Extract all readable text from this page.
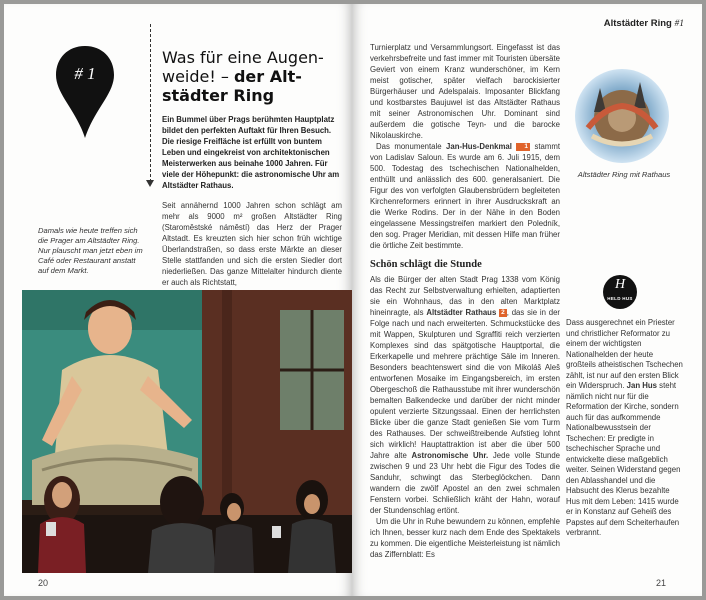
# 1
Was für eine Augen-
weide! – der Alt-
städter Ring
Ein Bummel über Prags berühmten Hauptplatz bildet den perfekten Auftakt für Ihren Besuch. Die riesige Freifläche ist erfüllt von buntem Leben und eingekreist von architektonischen Meisterwerken aus beinahe 1000 Jahren. Für viele der Höhepunkt: die astronomische Uhr am Altstädter Rathaus.
Seit annähernd 1000 Jahren schon schlägt am mehr als 9000 m² großen Altstädter Ring (Staroměstské náměstí) das Herz der Prager Altstadt. Es kreuzten sich hier schon früh wichtige Überlandstraßen, so dass erste Märkte an dieser Stelle stattfanden und sich die ersten Siedler dort niederließen. Das ganze Mittelalter hindurch diente er auch als Richtstatt,
Damals wie heute treffen sich die Prager am Altstädter Ring. Nur plauscht man jetzt eben im Café oder Restaurant anstatt auf dem Markt.
20
Altstädter Ring #1
Turnierplatz und Versammlungsort. Eingefasst ist das verkehrsbefreite und fast immer mit Touristen übersäte Geviert von einem Kranz wunderschöner, im Kern meist gotischer, später vielfach barockisierter Bürgerhäuser und Adelspalais. Imposanter Blickfang und kostbarstes Baujuwel ist das Altstädter Rathaus mit seiner Astronomischen Uhr. Dominant sind außerdem die gotische Teyn- und die barocke Nikolauskirche.
Das monumentale Jan-Hus-Denkmal 1 stammt von Ladislav Saloun. Es wurde am 6. Juli 1915, dem 500. Todestag des tschechischen Nationalhelden, enthüllt und anlässlich des 600. generalsaniert. Die Figur des von verfolgten Glaubensbrüdern begleiteten Kirchenreformers erinnert in ihrer Ausdruckskraft an die Werke Rodins. Der in der Nähe in den Boden eingelassene Messingstreifen markiert den Poledník, den sog. Prager Meridian, mit dessen Hilfe man früher die örtliche Zeit bestimmte.
Schön schlägt die Stunde
Als die Bürger der alten Stadt Prag 1338 vom König das Recht zur Selbstverwaltung erhielten, adaptierten sie ein Wohnhaus, das in den alten Marktplatz hineinragte, als Altstädter Rathaus 2 , das sie in der Folge nach und nach erweiterten. Schmuckstücke des mit Wappen, Skulpturen und Sgraffiti reich verzierten Komplexes sind das spätgotische Hauptportal, die Erkerkapelle und mehrere prächtige Säle im Inneren. Besonders beachtenswert sind die von Mikoláš Aleš entworfenen Mosaike im Eingangsbereich, im ersten Obergeschoß die Rathausstube mit ihrer wunderschön bemalten Balkendecke und darüber der nicht minder opulent verzierte Sitzungssaal. Einen der herrlichsten Blicke über die ganze Stadt genießen Sie vom Turm des Rathauses. Der schweißtreibende Aufstieg lohnt sich wirklich! Hauptattraktion ist aber die über 500 Jahre alte Astronomische Uhr. Jede volle Stunde zwischen 9 und 23 Uhr hebt die Figur des Todes die Sanduhr, schwingt das Sterbeglöckchen. Dann wandern die zwölf Apostel an den zwei schmalen Fenstern vorbei. Schließlich kräht der Hahn, worauf der Stundenschlag ertönt.
Um die Uhr in Ruhe bewundern zu können, empfehle ich Ihnen, besser kurz nach dem Ende des Spektakels zu kommen. Die eigentliche Meisterleistung ist nämlich das Ziffernblatt: Es
Altstädter Ring mit Rathaus
H
HELD HUS
Dass ausgerechnet ein Priester und christlicher Reformator zu einem der wichtigsten Nationalhelden der heute großteils atheistischen Tschechen zählt, ist nur auf den ersten Blick ein Widerspruch. Jan Hus steht nämlich nicht nur für die Reformation der Kirche, sondern auch für das aufkommende Nationalbewusstsein der Tschechen: Er predigte in tschechischer Sprache und entwickelte diese maßgeblich weiter. Seinen Widerstand gegen den Ablasshandel und die Habsucht des Klerus bezahlte Hus mit dem Leben: 1415 wurde er in Konstanz auf Geheiß des Papstes auf dem Scheiterhaufen verbrannt.
21
